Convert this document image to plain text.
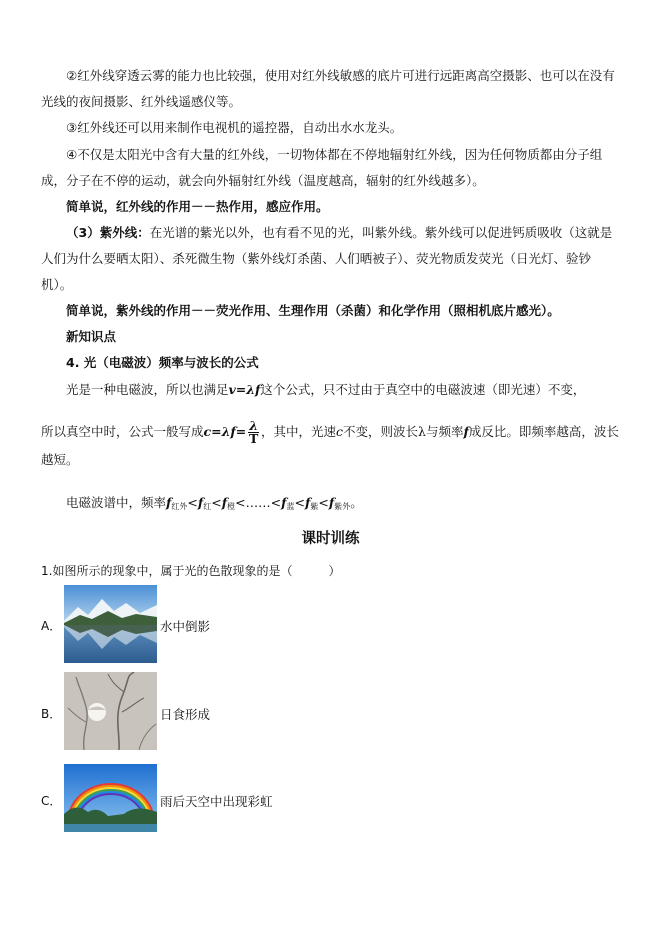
②红外线穿透云雾的能力也比较强，使用对红外线敏感的底片可进行远距离高空摄影、也可以在没有光线的夜间摄影、红外线遥感仪等。

③红外线还可以用来制作电视机的遥控器，自动出水水龙头。

④不仅是太阳光中含有大量的红外线，一切物体都在不停地辐射红外线，因为任何物质都由分子组成，分子在不停的运动，就会向外辐射红外线（温度越高，辐射的红外线越多）。

简单说，红外线的作用－－热作用，感应作用。

（3）紫外线：在光谱的紫光以外，也有看不见的光，叫紫外线。紫外线可以促进钙质吸收（这就是人们为什么要晒太阳）、杀死微生物（紫外线灯杀菌、人们晒被子）、荧光物质发荧光（日光灯、验钞机）。

简单说，紫外线的作用－－荧光作用、生理作用（杀菌）和化学作用（照相机底片感光）。

新知识点

4. 光（电磁波）频率与波长的公式

光是一种电磁波，所以也满足v=λf这个公式，只不过由于真空中的电磁波速（即光速）不变，

所以真空中时，公式一般写成$c=\lambda f= \frac{\lambda}{T}$ ，其中，光速c不变，则波长λ与频率f成反比。即频率越高，波长越短。

电磁波谱中，频率$f_{红外}<f_红<f_橙<\dots\dots<f_蓝<f_紫<f_{紫外}$。

课时训练

1.如图所示的现象中，属于光的色散现象的是（　　　）

A．	水中倒影
B．	日食形成
C．	雨后天空中出现彩虹
